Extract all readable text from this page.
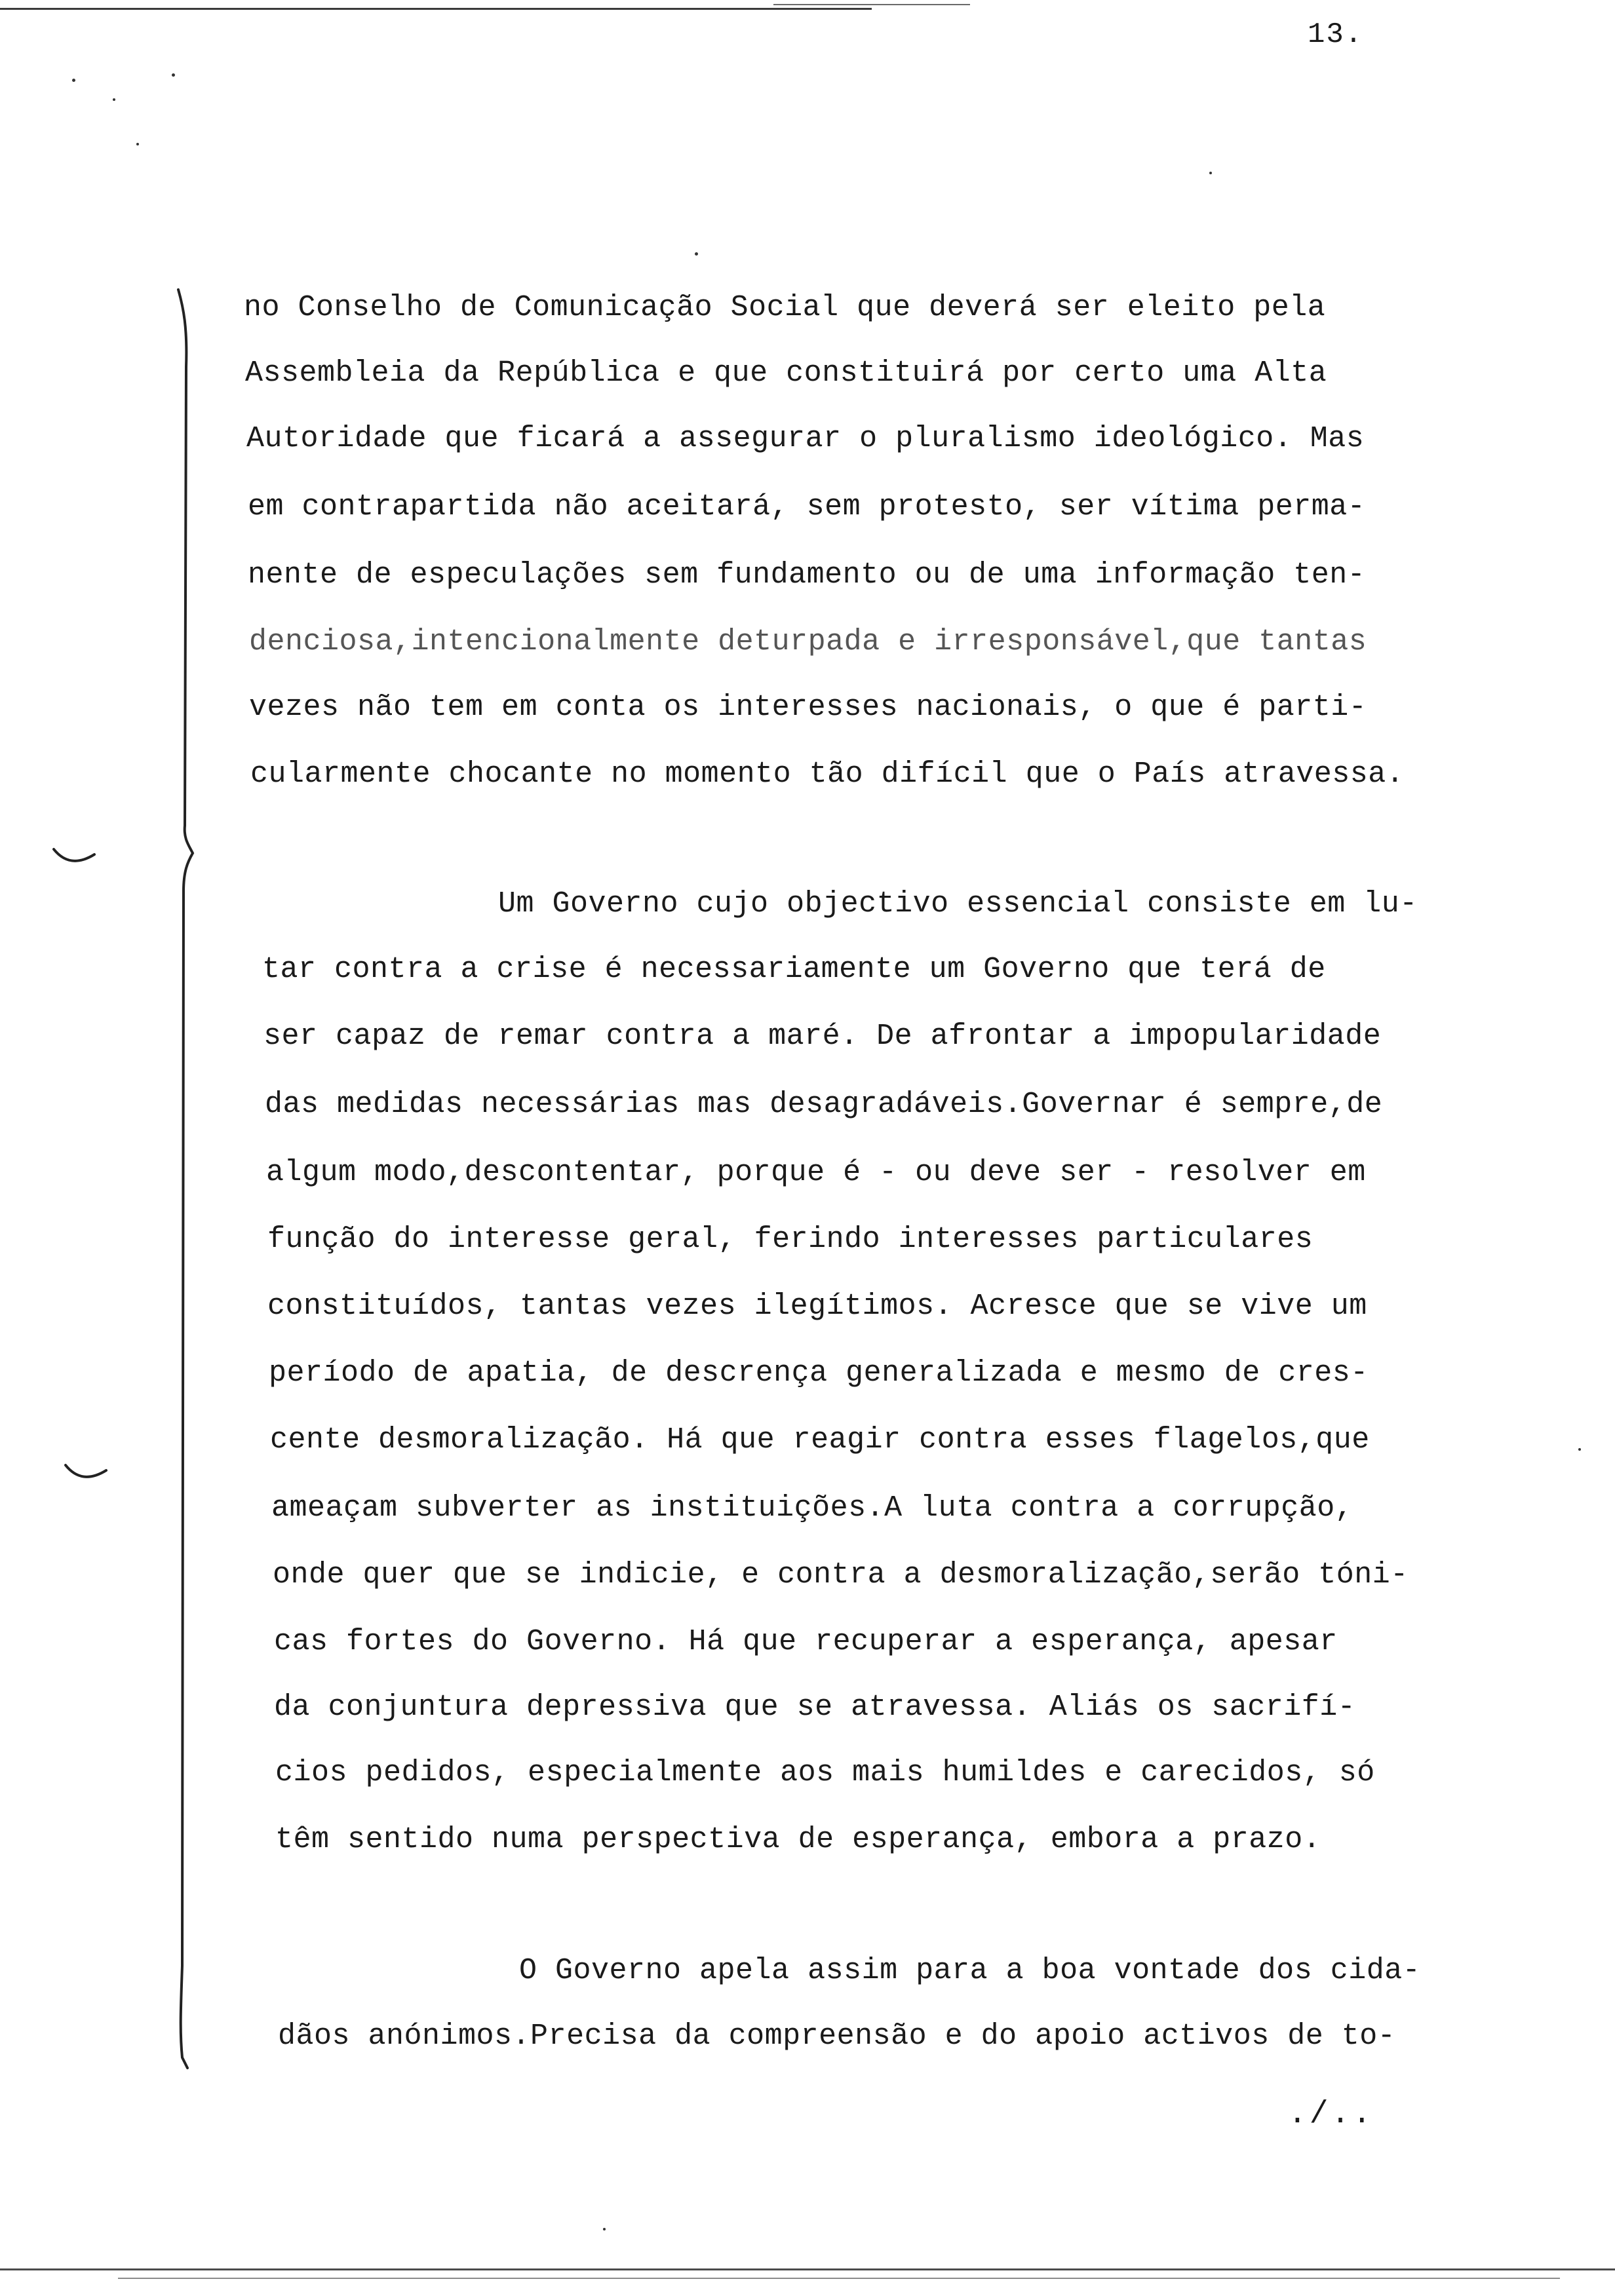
13.
no Conselho de Comunicação Social que deverá ser eleito pela
Assembleia da República e que constituirá por certo uma Alta
Autoridade que ficará a assegurar o pluralismo ideológico. Mas
em contrapartida não aceitará, sem protesto, ser vítima perma-
nente de especulações sem fundamento ou de uma informação ten-
denciosa,intencionalmente deturpada e irresponsável,que tantas
vezes não tem em conta os interesses nacionais, o que é parti-
cularmente chocante no momento tão difícil que o País atravessa.
Um Governo cujo objectivo essencial consiste em lu-
tar contra a crise é necessariamente um Governo que terá de
ser capaz de remar contra a maré. De afrontar a impopularidade
das medidas necessárias mas desagradáveis.Governar é sempre,de
algum modo,descontentar, porque é - ou deve ser - resolver em
função do interesse geral, ferindo interesses particulares
constituídos, tantas vezes ilegítimos. Acresce que se vive um
período de apatia, de descrença generalizada e mesmo de cres-
cente desmoralização. Há que reagir contra esses flagelos,que
ameaçam subverter as instituições.A luta contra a corrupção,
onde quer que se indicie, e contra a desmoralização,serão tóni-
cas fortes do Governo. Há que recuperar a esperança, apesar
da conjuntura depressiva que se atravessa. Aliás os sacrifí-
cios pedidos, especialmente aos mais humildes e carecidos, só
têm sentido numa perspectiva de esperança, embora a prazo.
O Governo apela assim para a boa vontade dos cida-
dãos anónimos.Precisa da compreensão e do apoio activos de to-
./..
